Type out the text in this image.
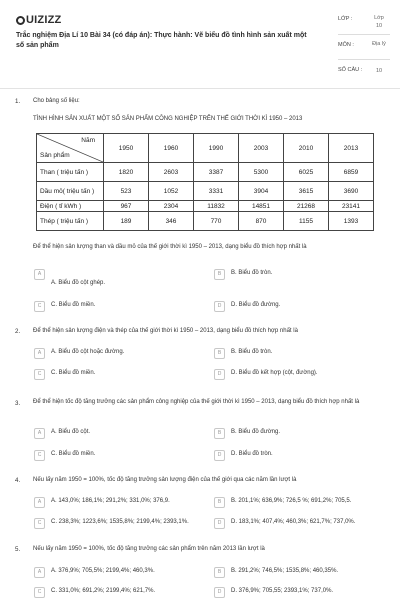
UIZIZZ
Trắc nghiệm Địa Lí 10 Bài 34 (có đáp án): Thực hành: Vẽ biểu đồ tình hình sản xuất một số sản phẩm
LỚP :	Lớp 10
MÔN :	Địa lý
SỐ CÂU :	10
1. Cho bảng số liệu:
TÌNH HÌNH SẢN XUẤT MỘT SỐ SẢN PHẨM CÔNG NGHIỆP TRÊN THẾ GIỚI THỜI KÌ 1950 – 2013
Năm
Sản phẩm	1950	1960	1990	2003	2010	2013
Than ( triệu tấn )	1820	2603	3387	5300	6025	6859
Dầu mỏ( triệu tấn )	523	1052	3331	3904	3615	3690
Điện ( tỉ kWh )	967	2304	11832	14851	21268	23141
Thép ( triệu tấn )	189	346	770	870	1155	1393
Để thể hiện sản lượng than và dầu mỏ của thế giới thời kì 1950 – 2013, dạng biểu đồ thích hợp nhất là
A
A. Biểu đồ cột ghép.
B	B. Biểu đồ tròn.
C	C. Biểu đồ miền.	D	D. Biểu đồ đường.
2. Để thể hiện sản lượng điện và thép của thế giới thời kì 1950 – 2013, dạng biểu đồ thích hợp nhất là
A	A. Biểu đồ cột hoặc đường.	B	B. Biểu đồ tròn.
C	C. Biểu đồ miền.	D	D. Biểu đồ kết hợp (cột, đường).
3. Để thể hiện tốc độ tăng trưởng các sản phẩm công nghiệp của thế giới thời kì 1950 – 2013, dạng biểu đồ thích hợp nhất là
A	A. Biểu đồ cột.	B	B. Biểu đồ đường.
C	C. Biểu đồ miền.	D	D. Biểu đồ tròn.
4. Nếu lấy năm 1950 = 100%, tốc độ tăng trưởng sản lượng điện của thế giới qua các năm lần lượt là
A	A. 143,0%; 186,1%; 291,2%; 331,0%; 376,9.	B	B. 201,1%; 636,9%; 726,5 %; 691,2%; 705,5.
C	C. 238,3%; 1223,6%; 1535,8%; 2199,4%; 2393,1%.	D	D. 183,1%; 407,4%; 460,3%; 621,7%; 737,0%.
5. Nếu lấy năm 1950 = 100%, tốc độ tăng trưởng các sản phẩm trên năm 2013 lần lượt là
A	A. 376,9%; 705,5%; 2199,4%; 460,3%.	B	B. 291,2%; 746,5%; 1535,8%; 460,35%.
C	C. 331,0%; 691,2%; 2199,4%; 621,7%.	D	D. 376,9%; 705,55; 2393,1%; 737,0%.
